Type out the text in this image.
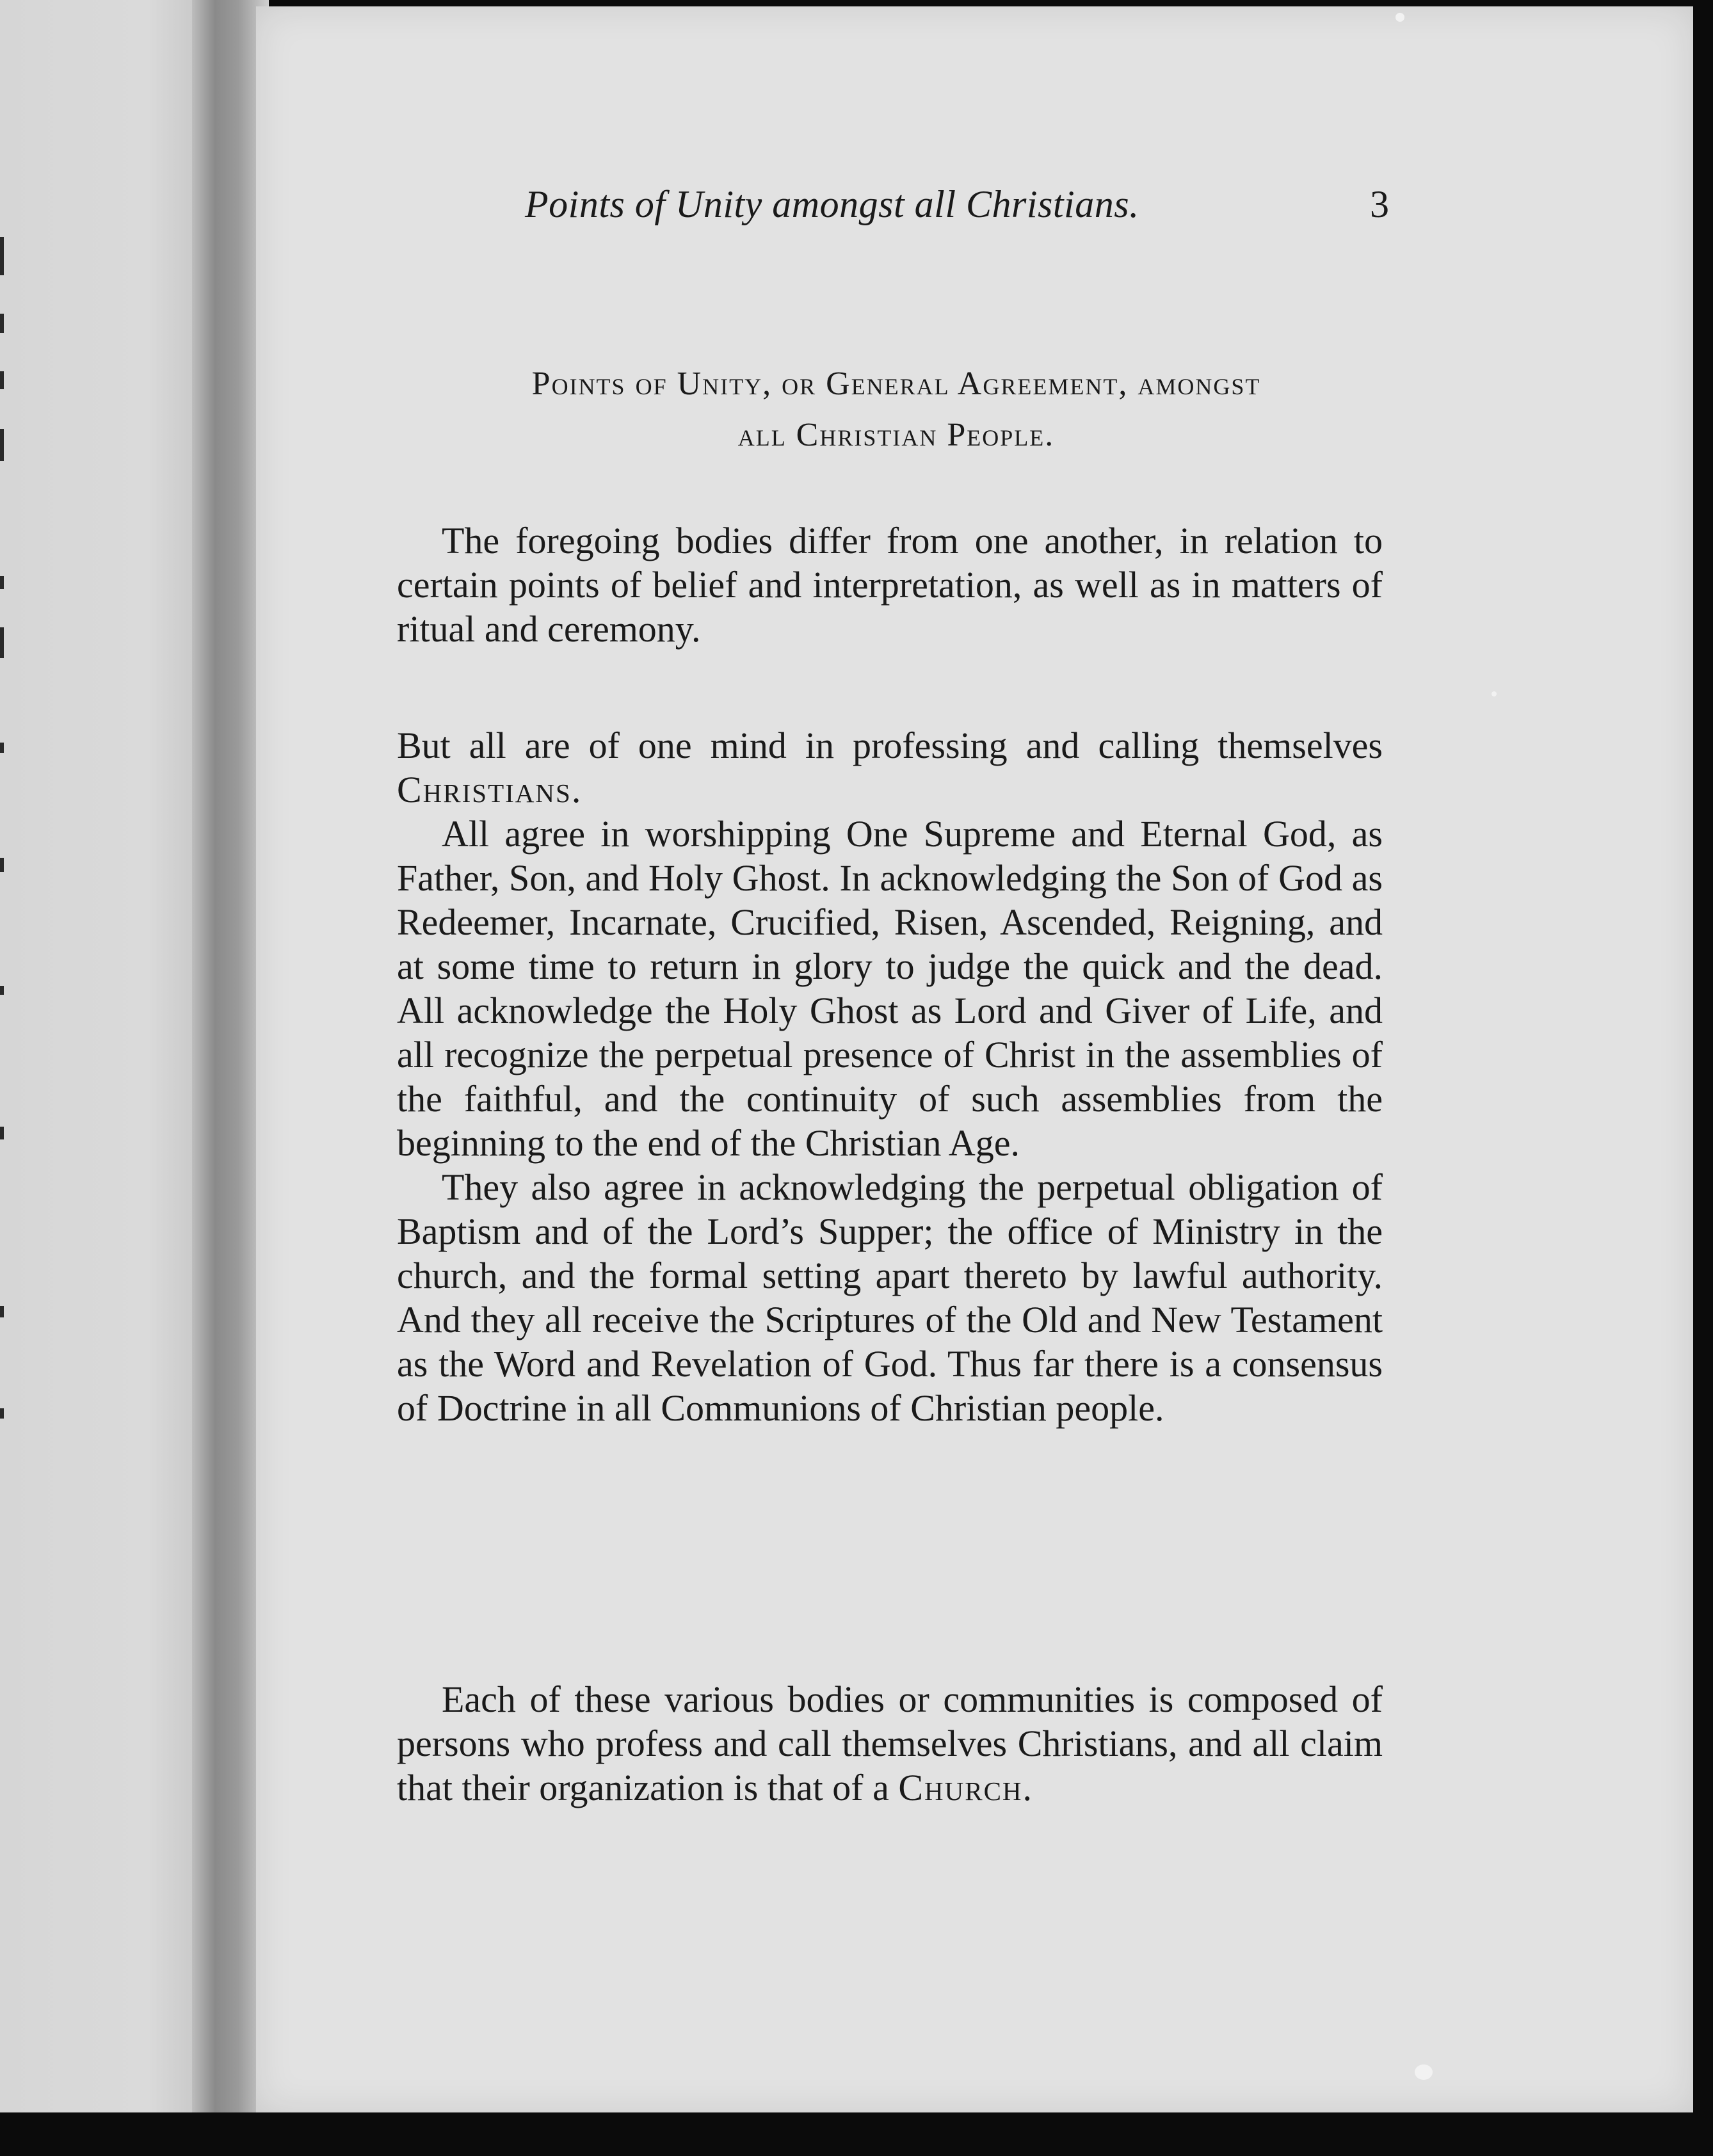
Points of Unity amongst all Christians.	3
Points of Unity, or General Agreement, amongst
all Christian People.

The foregoing bodies differ from one another, in relation to certain points of belief and interpretation, as well as in matters of ritual and ceremony.

But all are of one mind in professing and calling themselves Christians.

All agree in worshipping One Supreme and Eternal God, as Father, Son, and Holy Ghost. In acknowledging the Son of God as Redeemer, Incarnate, Crucified, Risen, Ascended, Reigning, and at some time to return in glory to judge the quick and the dead. All acknowledge the Holy Ghost as Lord and Giver of Life, and all recognize the perpetual presence of Christ in the assemblies of the faithful, and the continuity of such assemblies from the beginning to the end of the Christian Age.

They also agree in acknowledging the perpetual obligation of Baptism and of the Lord’s Supper; the office of Ministry in the church, and the formal setting apart thereto by lawful authority. And they all receive the Scriptures of the Old and New Testament as the Word and Revelation of God. Thus far there is a consensus of Doctrine in all Communions of Christian people.

Each of these various bodies or communities is composed of persons who profess and call themselves Christians, and all claim that their organization is that of a Church.
